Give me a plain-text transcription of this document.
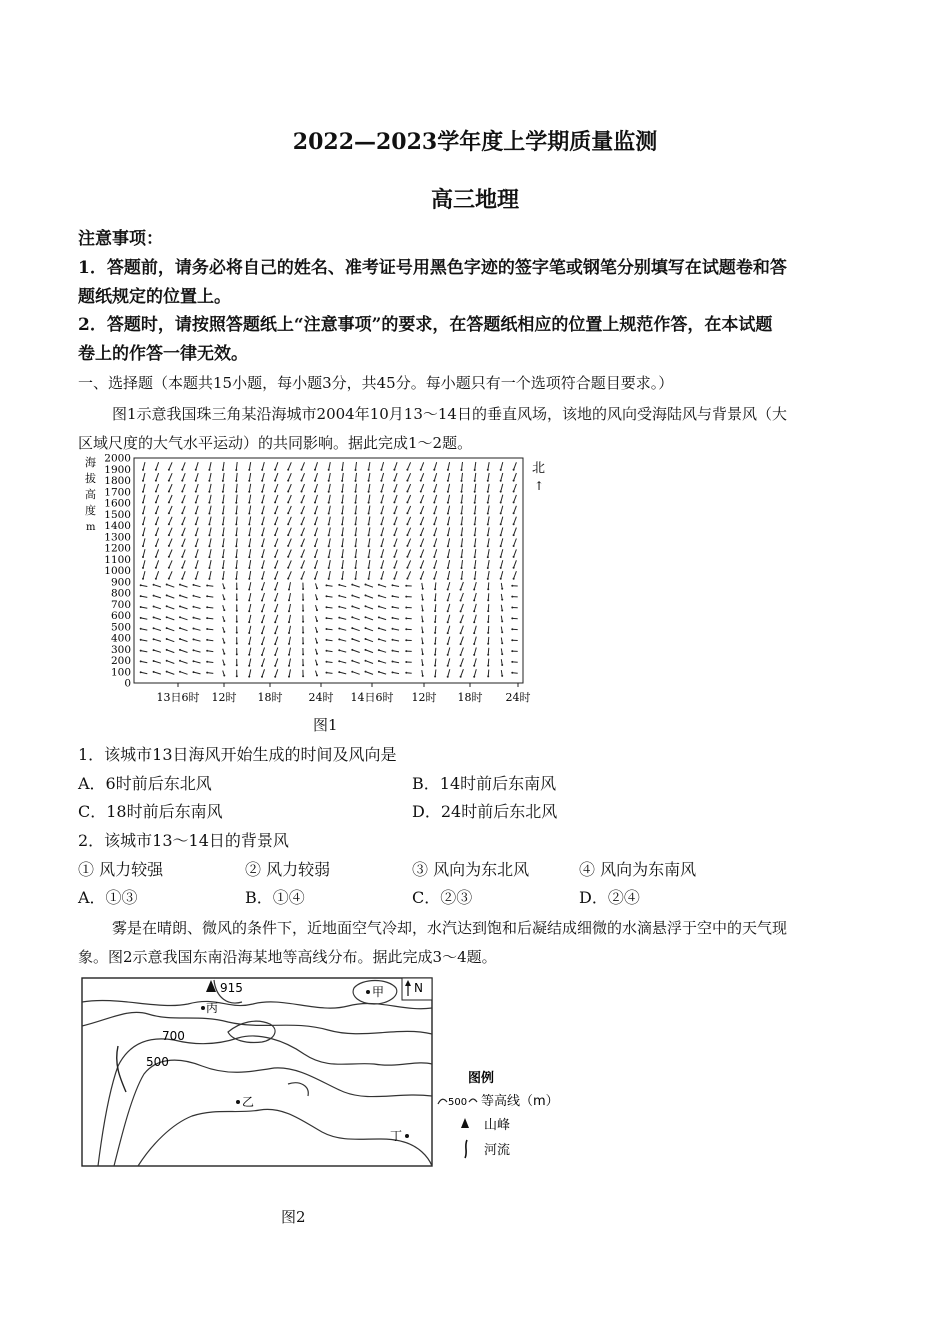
2022—2023学年度上学期质量监测
高三地理
注意事项：
1．答题前，请务必将自己的姓名、准考证号用黑色字迹的签字笔或钢笔分别填写在试题卷和答
题纸规定的位置上。
2．答题时，请按照答题纸上“注意事项”的要求，在答题纸相应的位置上规范作答，在本试题
卷上的作答一律无效。
一、选择题（本题共15小题，每小题3分，共45分。每小题只有一个选项符合题目要求。）
图1示意我国珠三角某沿海城市2004年10月13～14日的垂直风场，该地的风向受海陆风与背景风（大
区域尺度的大气水平运动）的共同影响。据此完成1～2题。
海
拔
高
度
m
2000
1900
1800
1700
1600
1500
1400
1300
1200
1100
1000
900
800
700
600
500
400
300
200
100
0
13日6时 12时 18时 24时 14日6时 12时 18时 24时
北
↑
图1
1．该城市13日海风开始生成的时间及风向是
A．6时前后东北风	B．14时前后东南风
C．18时前后东南风	D．24时前后东北风
2．该城市13～14日的背景风
① 风力较强	② 风力较弱	③ 风向为东北风	④ 风向为东南风
A．①③	B．①④	C．②③	D．②④
雾是在晴朗、微风的条件下，近地面空气冷却，水汽达到饱和后凝结成细微的水滴悬浮于空中的天气现
象。图2示意我国东南沿海某地等高线分布。据此完成3～4题。
915
丙
700
500
乙
甲
丁
N
图例
500 等高线（m）
山峰
河流
图2
